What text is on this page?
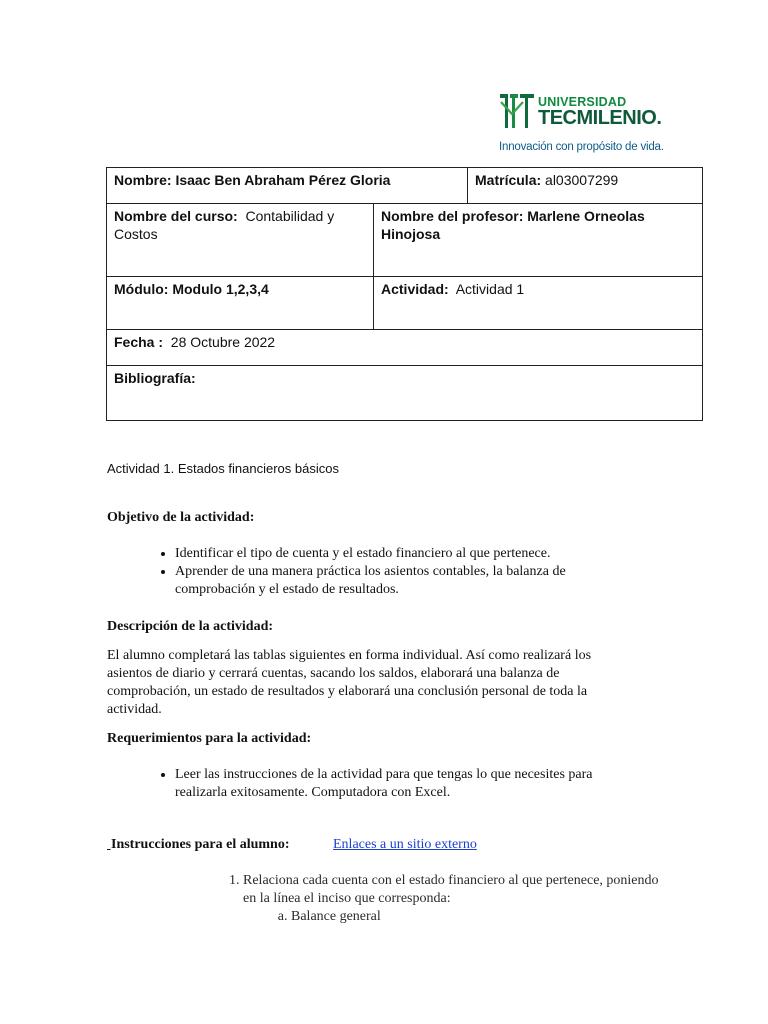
UNIVERSIDAD
TECMILENIO.
Innovación con propósito de vida.
Nombre: Isaac Ben Abraham Pérez Gloria		Matrícula: al03007299
Nombre del curso: Contabilidad y Costos	Nombre del profesor: Marlene Orneolas Hinojosa	
Módulo: Modulo 1,2,3,4	Actividad: Actividad 1	
Fecha : 28 Octubre 2022		
Bibliografía:		
Actividad 1. Estados financieros básicos
Objetivo de la actividad:
• Identificar el tipo de cuenta y el estado financiero al que pertenece.
• Aprender de una manera práctica los asientos contables, la balanza de comprobación y el estado de resultados.
Descripción de la actividad:
El alumno completará las tablas siguientes en forma individual. Así como realizará los asientos de diario y cerrará cuentas, sacando los saldos, elaborará una balanza de comprobación, un estado de resultados y elaborará una conclusión personal de toda la actividad.
Requerimientos para la actividad:
• Leer las instrucciones de la actividad para que tengas lo que necesites para realizarla exitosamente. Computadora con Excel.

Instrucciones para el alumno:	Enlaces a un sitio externo
1. Relaciona cada cuenta con el estado financiero al que pertenece, poniendo en la línea el inciso que corresponda:
a. Balance general
